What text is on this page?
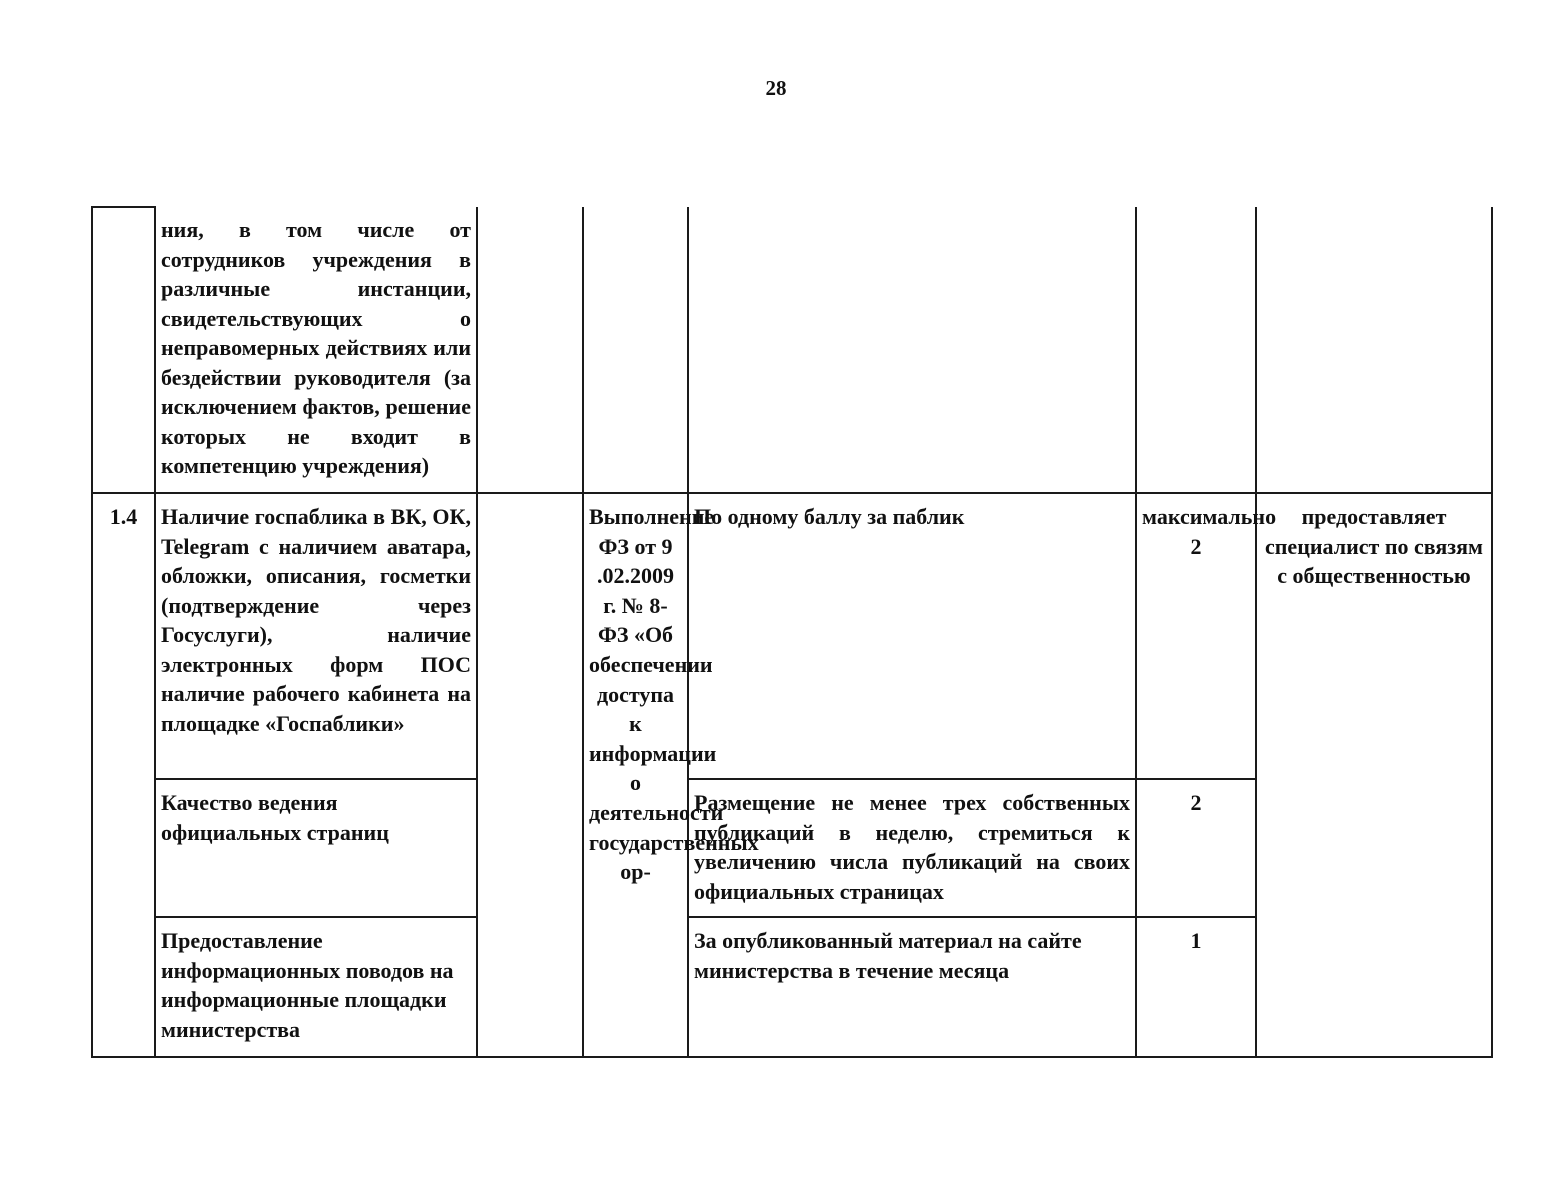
28

	ния, в том числе от сотрудников учреждения в различные инстанции, свидетельствующих о неправомерных действиях или бездействии руководителя (за исключением фактов, решение которых не входит в компетенцию учреждения)					

1.4	Наличие госпаблика в ВК, ОК, Telegram с наличием аватара, обложки, описания, госметки (подтверждение через Госуслуги), наличие электронных форм ПОС наличие рабочего кабинета на площадке «Госпаблики»		Выполнение ФЗ от 9 .02.2009 г. № 8-ФЗ «Об обеспечении доступа к информации о деятельности государственных ор-	По одному баллу за паблик	максимально 2	предоставляет специалист по связям с общественностью

	Качество ведения официальных страниц			Размещение не менее трех собственных публикаций в неделю, стремиться к увеличению числа публикаций на своих официальных страницах	2	

	Предоставление информационных поводов на информационные площадки министерства			За опубликованный материал на сайте министерства в течение месяца	1	
